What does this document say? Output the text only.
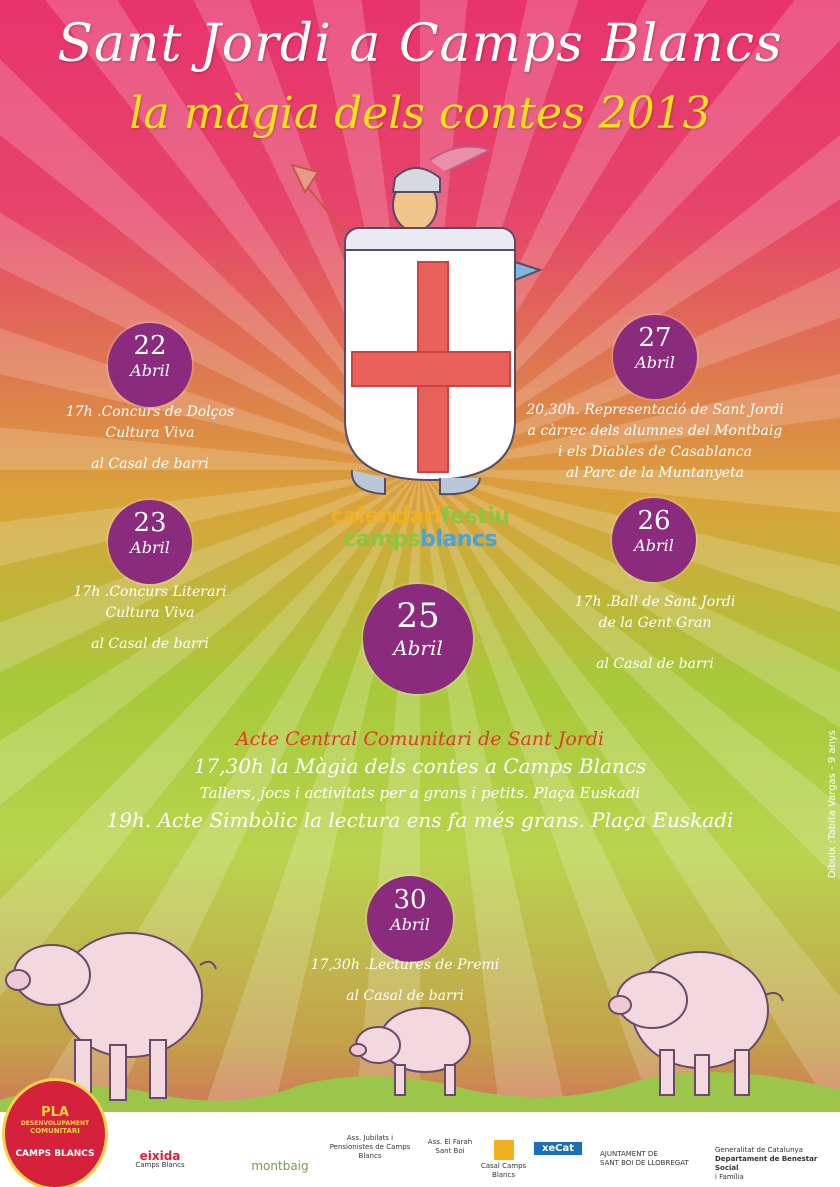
Sant Jordi a Camps Blancs
la màgia dels contes 2013
22
Abril

17h .Concurs de Dolços

Cultura Viva

al Casal de barri

23
Abril

17h .Concurs Literari

Cultura Viva

al Casal de barri

27
Abril

20,30h. Representació de Sant Jordi

a càrrec dels alumnes del Montbaig

i els Diables de Casablanca

al Parc de la Muntanyeta

26
Abril

17h .Ball de Sant Jordi

de la Gent Gran

al Casal de barri

25
Abril
calendarifestiu
campsblancs
Acte Central Comunitari de Sant Jordi
17,30h la Màgia dels contes a Camps Blancs
Tallers, jocs i activitats per a grans i petits. Plaça Euskadi
19h. Acte Simbòlic la lectura ens fa més grans. Plaça Euskadi
30
Abril

17,30h .Lectures de Premi

al Casal de barri

Dibuix :Tabita Vargas - 9 anys
eixida
Camps Blancs	montbaig
Ass. Jubilats i Pensionistes de Camps Blancs
Ass. El Farah Sant Boi
Casal Camps Blancs
xeCat	AJUNTAMENT DE
SANT BOI DE LLOBREGAT
Generalitat de Catalunya
Departament de Benestar Social
i Família
PLA
DESENVOLUPAMENT
COMUNITARI
CAMPS BLANCS
